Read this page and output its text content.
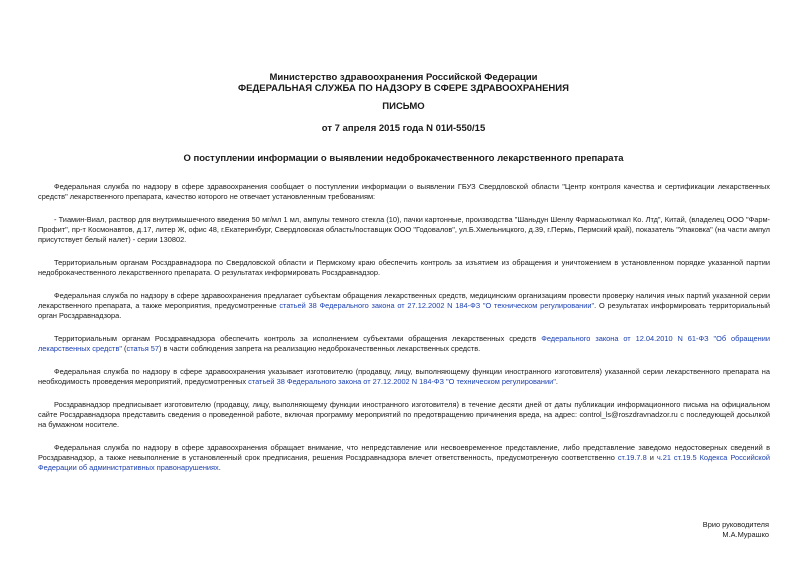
Министерство здравоохранения Российской Федерации
ФЕДЕРАЛЬНАЯ СЛУЖБА ПО НАДЗОРУ В СФЕРЕ ЗДРАВООХРАНЕНИЯ
ПИСЬМО
от 7 апреля 2015 года N 01И-550/15
О поступлении информации о выявлении недоброкачественного лекарственного препарата

Федеральная служба по надзору в сфере здравоохранения сообщает о поступлении информации о выявлении ГБУЗ Свердловской области "Центр контроля качества и сертификации лекарственных средств" лекарственного препарата, качество которого не отвечает установленным требованиям:

- Тиамин-Виал, раствор для внутримышечного введения 50 мг/мл 1 мл, ампулы темного стекла (10), пачки картонные, производства "Шаньдун Шенлу Фармасьютикал Ко. Лтд", Китай, (владелец ООО "Фарм-Профит", пр-т Космонавтов, д.17, литер Ж, офис 48, г.Екатеринбург, Свердловская область/поставщик ООО "Годовалов", ул.Б.Хмельницкого, д.39, г.Пермь, Пермский край), показатель "Упаковка" (на части ампул присутствует белый налет) - серии 130802.

Территориальным органам Росздравнадзора по Свердловской области и Пермскому краю обеспечить контроль за изъятием из обращения и уничтожением в установленном порядке указанной партии недоброкачественного лекарственного препарата. О результатах информировать Росздравнадзор.

Федеральная служба по надзору в сфере здравоохранения предлагает субъектам обращения лекарственных средств, медицинским организациям провести проверку наличия иных партий указанной серии лекарственного препарата, а также мероприятия, предусмотренные статьей 38 Федерального закона от 27.12.2002 N 184-ФЗ "О техническом регулировании". О результатах информировать территориальный орган Росздравнадзора.

Территориальным органам Росздравнадзора обеспечить контроль за исполнением субъектами обращения лекарственных средств Федерального закона от 12.04.2010 N 61-ФЗ "Об обращении лекарственных средств" (статья 57) в части соблюдения запрета на реализацию недоброкачественных лекарственных средств.

Федеральная служба по надзору в сфере здравоохранения указывает изготовителю (продавцу, лицу, выполняющему функции иностранного изготовителя) указанной серии лекарственного препарата на необходимость проведения мероприятий, предусмотренных статьей 38 Федерального закона от 27.12.2002 N 184-ФЗ "О техническом регулировании".

Росздравнадзор предписывает изготовителю (продавцу, лицу, выполняющему функции иностранного изготовителя) в течение десяти дней от даты публикации информационного письма на официальном сайте Росздравнадзора представить сведения о проведенной работе, включая программу мероприятий по предотвращению причинения вреда, на адрес: control_ls@roszdravnadzor.ru с последующей досылкой на бумажном носителе.

Федеральная служба по надзору в сфере здравоохранения обращает внимание, что непредставление или несвоевременное представление, либо представление заведомо недостоверных сведений в Росздравнадзор, а также невыполнение в установленный срок предписания, решения Росздравнадзора влечет ответственность, предусмотренную соответственно ст.19.7.8 и ч.21 ст.19.5 Кодекса Российской Федерации об административных правонарушениях.

Врио руководителя
М.А.Мурашко
